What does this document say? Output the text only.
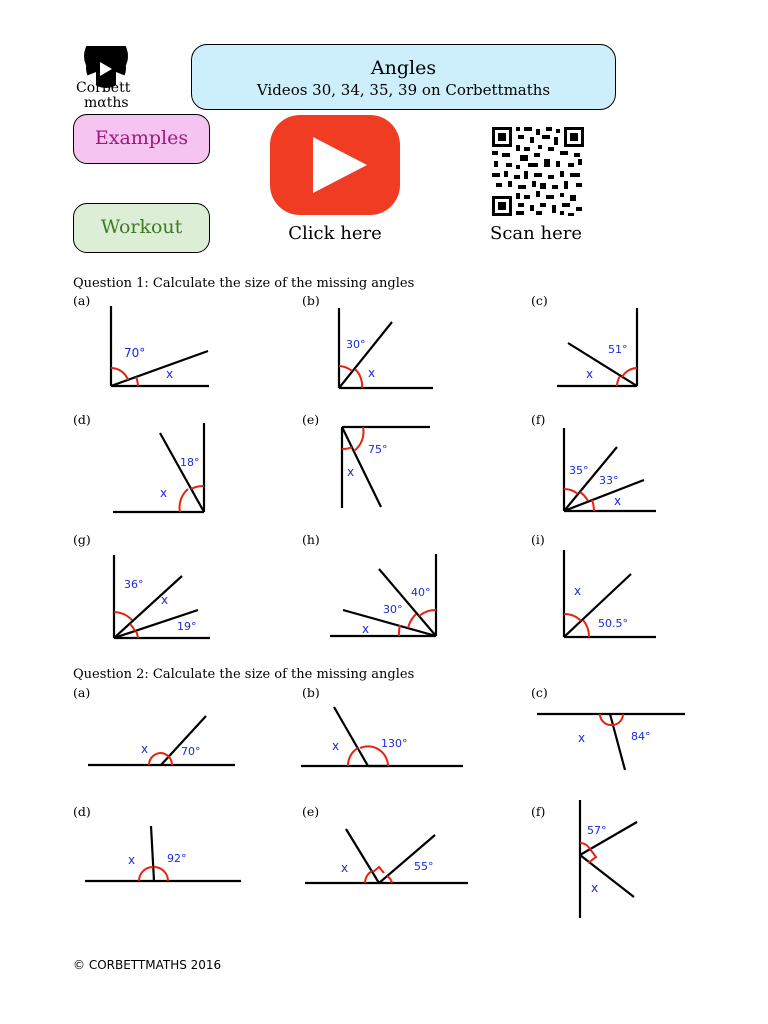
Corbett
mαths
Angles
Videos 30, 34, 35, 39 on Corbettmaths
Examples
Workout	Click here	Scan here
Question 1: Calculate the size of the missing angles
(a)	(b)	(c)
(d)	(e)	(f)
(g)	(h)	(i)
70°
x
30°
x
51°
x
18°
x
75°
x	35°
33°
x
36°
x
19°
40°
30°
x
x
50.5°
Question 2: Calculate the size of the missing angles
(a)	(b)	(c)
(d)	(e)	(f)
x	70°	x	130°	x	84°
x	92°
x	55°
57°
x
© CORBETTMATHS 2016
